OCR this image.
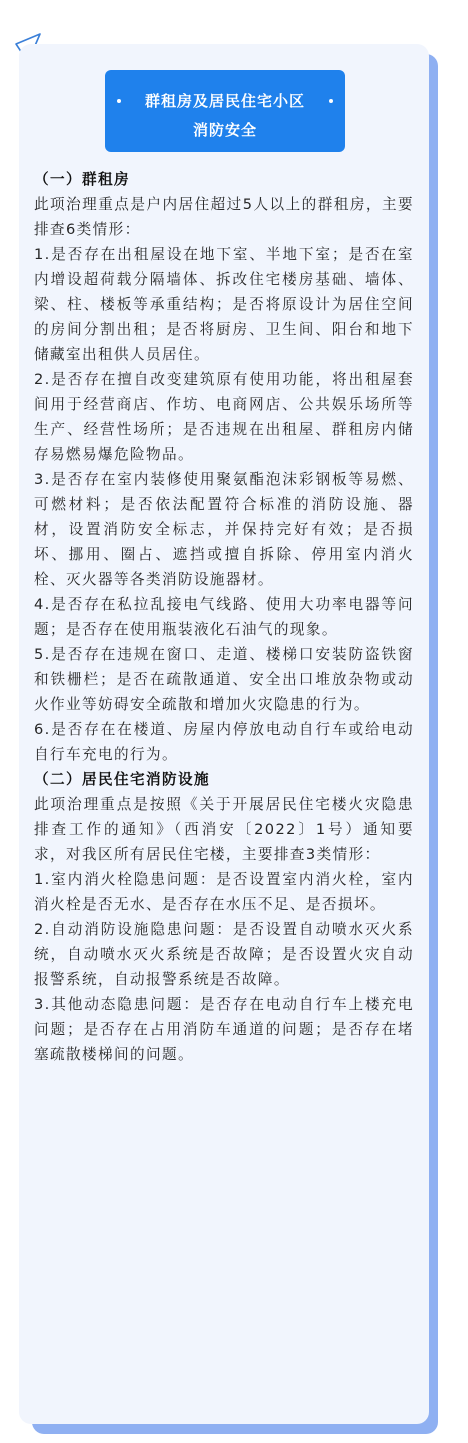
群租房及居民住宅小区
消防安全

（一）群租房

此项治理重点是户内居住超过5人以上的群租房，主要排查6类情形：

1.是否存在出租屋设在地下室、半地下室；是否在室内增设超荷载分隔墙体、拆改住宅楼房基础、墙体、梁、柱、楼板等承重结构；是否将原设计为居住空间的房间分割出租；是否将厨房、卫生间、阳台和地下储藏室出租供人员居住。

2.是否存在擅自改变建筑原有使用功能，将出租屋套间用于经营商店、作坊、电商网店、公共娱乐场所等生产、经营性场所；是否违规在出租屋、群租房内储存易燃易爆危险物品。

3.是否存在室内装修使用聚氨酯泡沫彩钢板等易燃、可燃材料；是否依法配置符合标准的消防设施、器材，设置消防安全标志，并保持完好有效；是否损坏、挪用、圈占、遮挡或擅自拆除、停用室内消火栓、灭火器等各类消防设施器材。

4.是否存在私拉乱接电气线路、使用大功率电器等问题；是否存在使用瓶装液化石油气的现象。

5.是否存在违规在窗口、走道、楼梯口安装防盗铁窗和铁栅栏；是否在疏散通道、安全出口堆放杂物或动火作业等妨碍安全疏散和增加火灾隐患的行为。

6.是否存在在楼道、房屋内停放电动自行车或给电动自行车充电的行为。

（二）居民住宅消防设施

此项治理重点是按照《关于开展居民住宅楼火灾隐患排查工作的通知》（西消安〔2022〕1号）通知要求，对我区所有居民住宅楼，主要排查3类情形：

1.室内消火栓隐患问题：是否设置室内消火栓，室内消火栓是否无水、是否存在水压不足、是否损坏。

2.自动消防设施隐患问题：是否设置自动喷水灭火系统，自动喷水灭火系统是否故障；是否设置火灾自动报警系统，自动报警系统是否故障。

3.其他动态隐患问题：是否存在电动自行车上楼充电问题；是否存在占用消防车通道的问题；是否存在堵塞疏散楼梯间的问题。
